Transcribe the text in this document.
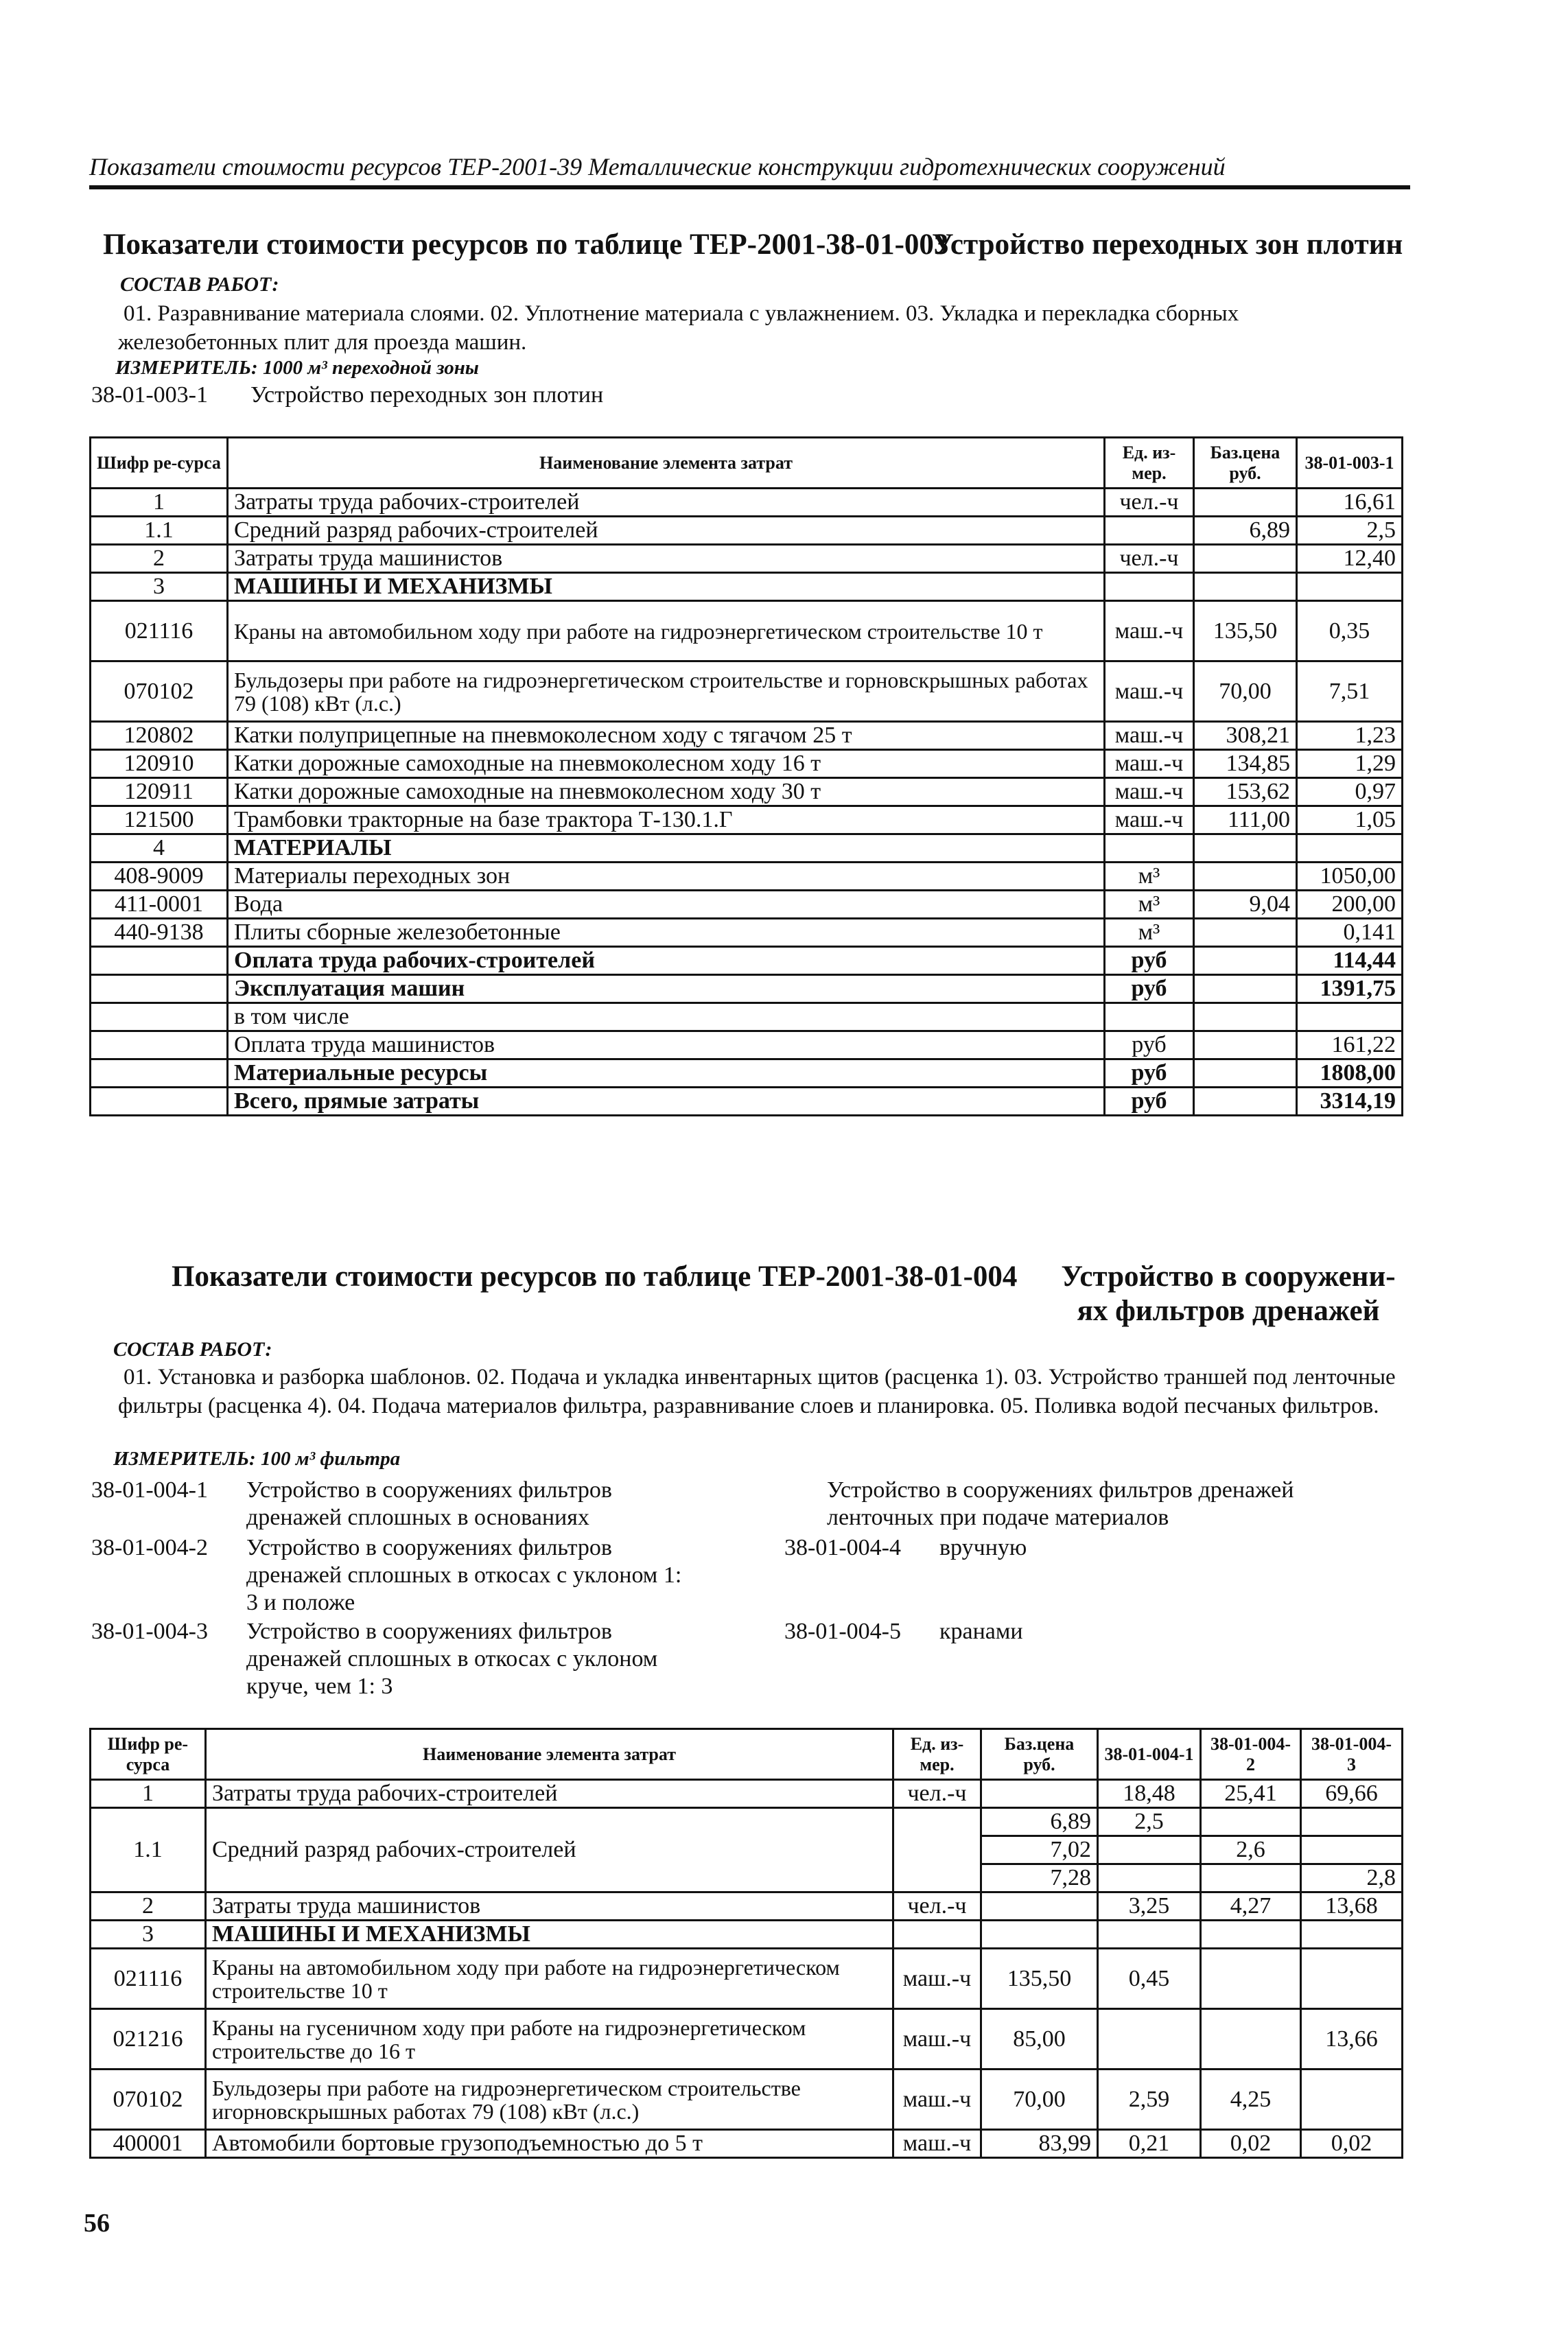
Показатели стоимости ресурсов ТЕР-2001-39 Металлические конструкции гидротехнических сооружений
Показатели стоимости ресурсов по таблице ТЕР-2001-38-01-003
Устройство переходных зон плотин
СОСТАВ РАБОТ:
01. Разравнивание материала слоями. 02. Уплотнение материала с увлажнением. 03. Укладка и перекладка сборных железобетонных плит для проезда машин.
ИЗМЕРИТЕЛЬ: 1000 м³ переходной зоны
38-01-003-1 Устройство переходных зон плотин
Шифр ре-сурса	Наименование элемента затрат	Ед. из-мер.	Баз.цена руб.	38-01-003-1
1	Затраты труда рабочих-строителей	чел.-ч		16,61
1.1	Средний разряд рабочих-строителей		6,89	2,5
2	Затраты труда машинистов	чел.-ч		12,40
3	МАШИНЫ И МЕХАНИЗМЫ			
021116	Краны на автомобильном ходу при работе на гидроэнергетическом строительстве 10 т	маш.-ч	135,50	0,35
070102	Бульдозеры при работе на гидроэнергетическом строительстве и горновскрышных работах 79 (108) кВт (л.с.)	маш.-ч	70,00	7,51
120802	Катки полуприцепные на пневмоколесном ходу с тягачом 25 т	маш.-ч	308,21	1,23
120910	Катки дорожные самоходные на пневмоколесном ходу 16 т	маш.-ч	134,85	1,29
120911	Катки дорожные самоходные на пневмоколесном ходу 30 т	маш.-ч	153,62	0,97
121500	Трамбовки тракторные на базе трактора Т-130.1.Г	маш.-ч	111,00	1,05
4	МАТЕРИАЛЫ			
408-9009	Материалы переходных зон	м³		1050,00
411-0001	Вода	м³	9,04	200,00
440-9138	Плиты сборные железобетонные	м³		0,141
	Оплата труда рабочих-строителей	руб		114,44
	Эксплуатация машин	руб		1391,75
	в том числе			
	Оплата труда машинистов	руб		161,22
	Материальные ресурсы	руб		1808,00
	Всего, прямые затраты	руб		3314,19
Показатели стоимости ресурсов по таблице ТЕР-2001-38-01-004	Устройство в сооружени-
ях фильтров дренажей
СОСТАВ РАБОТ:
01. Установка и разборка шаблонов. 02. Подача и укладка инвентарных щитов (расценка 1). 03. Устройство траншей под ленточные фильтры (расценка 4). 04. Подача материалов фильтра, разравнивание слоев и планировка. 05. Поливка водой песчаных фильтров.
ИЗМЕРИТЕЛЬ: 100 м³ фильтра
38-01-004-1 Устройство в сооружениях фильтров дренажей сплошных в основаниях
38-01-004-2 Устройство в сооружениях фильтров дренажей сплошных в откосах с уклоном 1: 3 и положе
38-01-004-3 Устройство в сооружениях фильтров дренажей сплошных в откосах с уклоном круче, чем 1: 3
Устройство в сооружениях фильтров дренажей ленточных при подаче материалов
38-01-004-4 вручную
38-01-004-5 кранами
Шифр ре-сурса	Наименование элемента затрат	Ед. из-мер.	Баз.цена руб.	38-01-004-1	38-01-004-2	38-01-004-3
1	Затраты труда рабочих-строителей	чел.-ч		18,48	25,41	69,66
1.1	Средний разряд рабочих-строителей		6,89	2,5		
			7,02		2,6	
			7,28			2,8
2	Затраты труда машинистов	чел.-ч		3,25	4,27	13,68
3	МАШИНЫ И МЕХАНИЗМЫ					
021116	Краны на автомобильном ходу при работе на гидроэнергетическом строительстве 10 т	маш.-ч	135,50	0,45		
021216	Краны на гусеничном ходу при работе на гидроэнергетическом строительстве до 16 т	маш.-ч	85,00			13,66
070102	Бульдозеры при работе на гидроэнергетическом строительстве игорновскрышных работах 79 (108) кВт (л.с.)	маш.-ч	70,00	2,59	4,25	
400001	Автомобили бортовые грузоподъемностью до 5 т	маш.-ч	83,99	0,21	0,02	0,02
56
